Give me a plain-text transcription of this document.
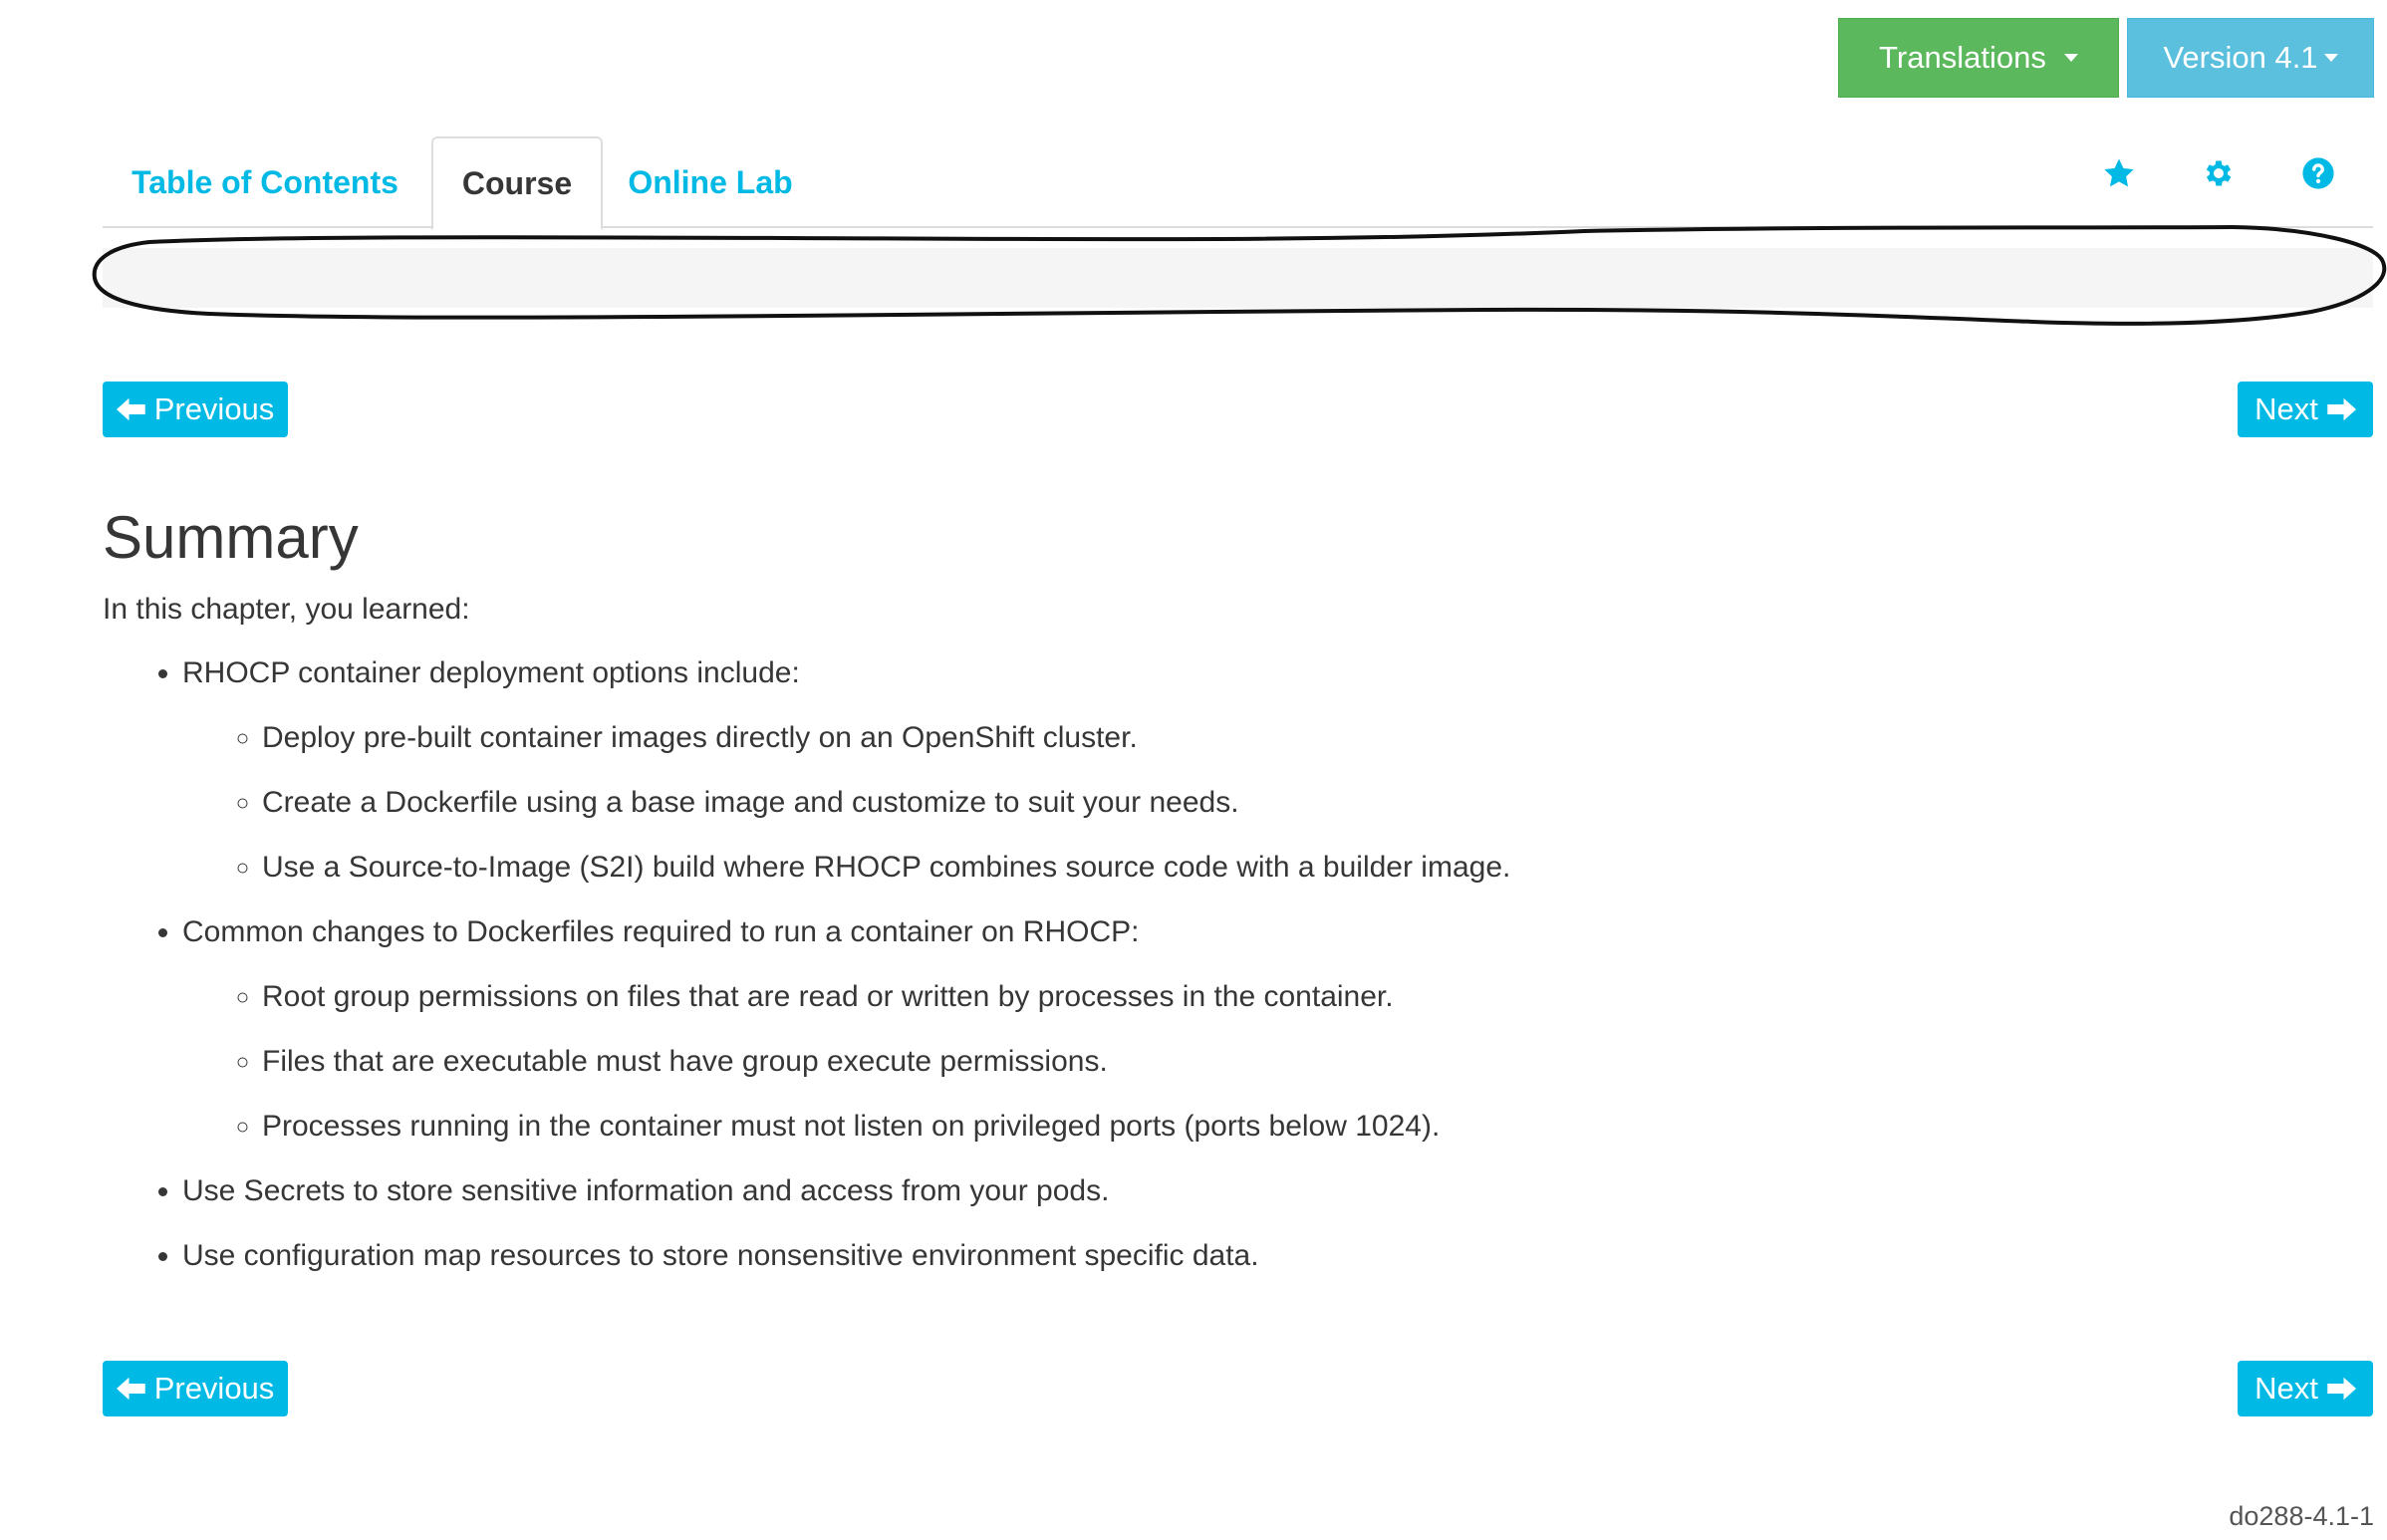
Translations	Version 4.1
Table of Contents Course Online Lab
Previous	Next
Summary
In this chapter, you learned:
• RHOCP container deployment options include:
◦ Deploy pre-built container images directly on an OpenShift cluster.
◦ Create a Dockerfile using a base image and customize to suit your needs.
◦ Use a Source-to-Image (S2I) build where RHOCP combines source code with a builder image.
• Common changes to Dockerfiles required to run a container on RHOCP:
◦ Root group permissions on files that are read or written by processes in the container.
◦ Files that are executable must have group execute permissions.
◦ Processes running in the container must not listen on privileged ports (ports below 1024).
• Use Secrets to store sensitive information and access from your pods.
• Use configuration map resources to store nonsensitive environment specific data.
Previous	Next
do288-4.1-1
